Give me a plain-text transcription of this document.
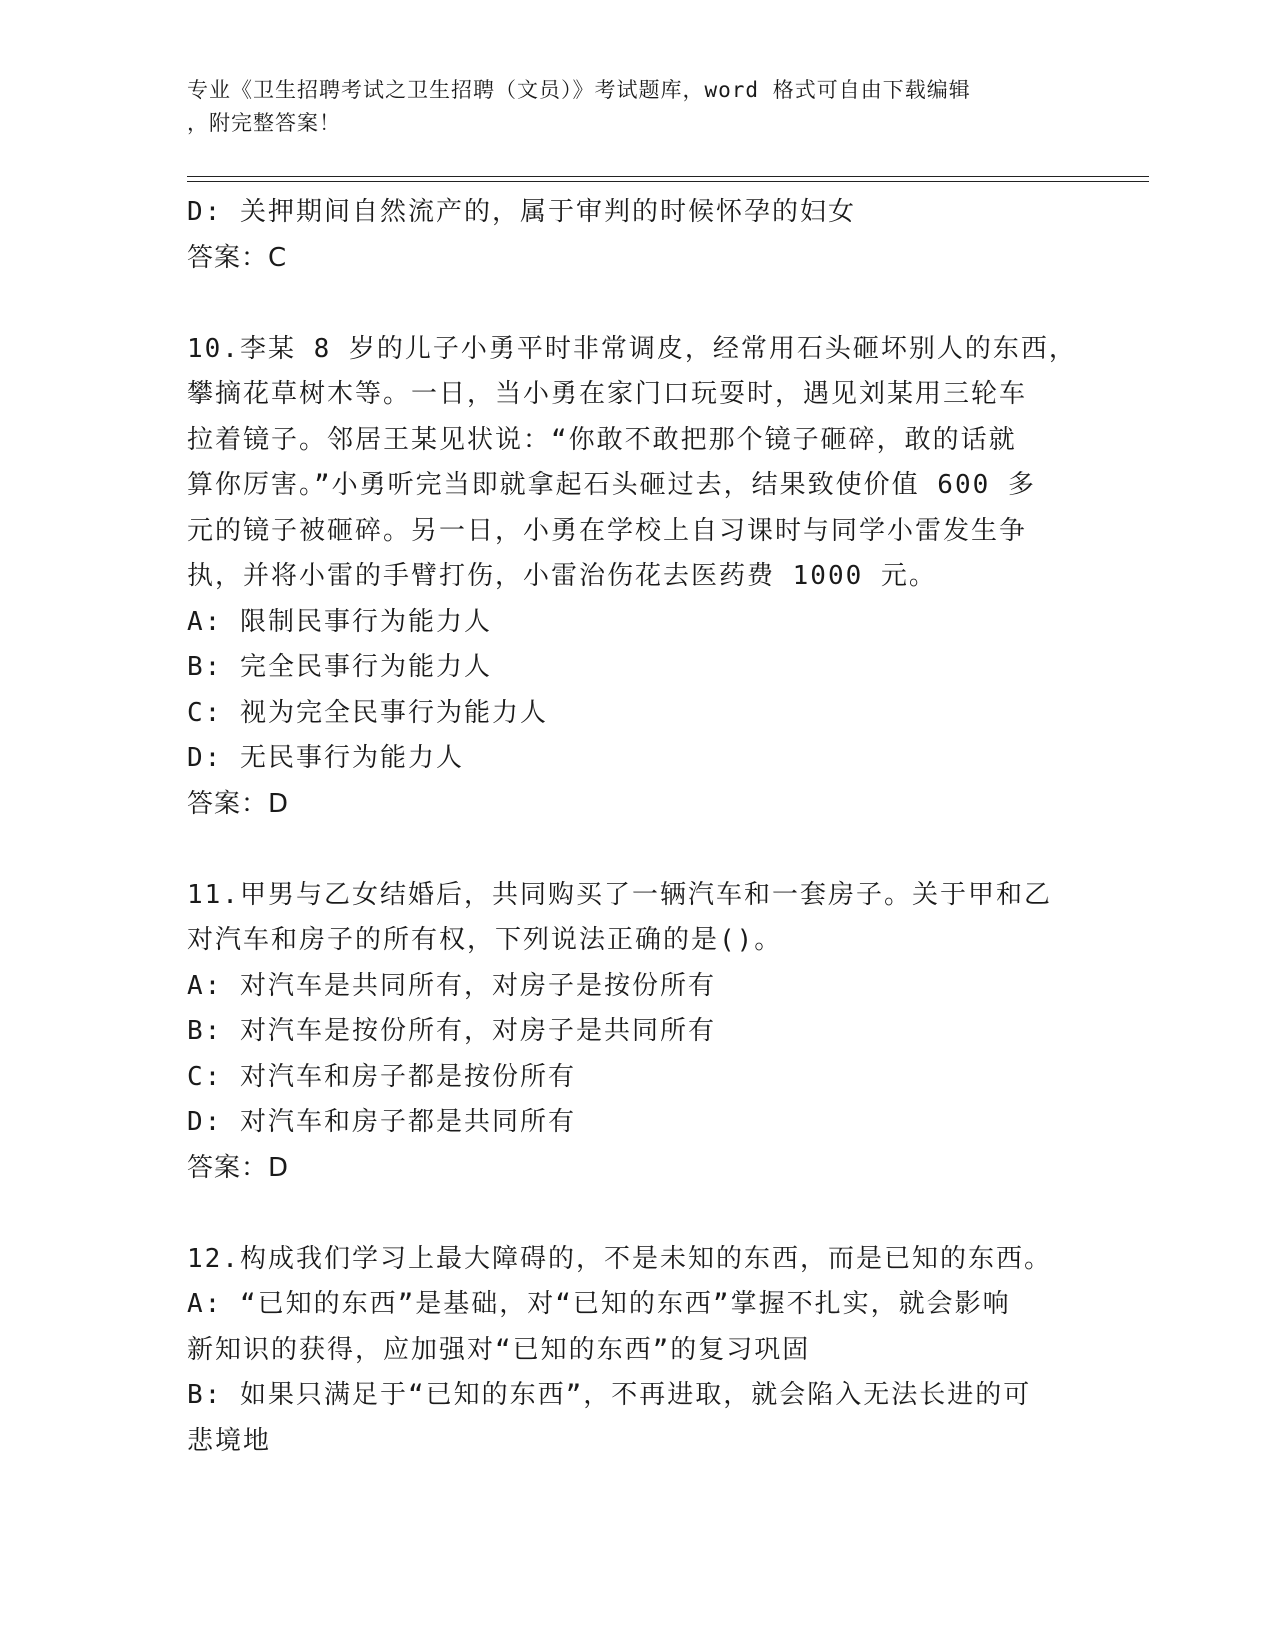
专业《卫生招聘考试之卫生招聘（文员）》考试题库，word 格式可自由下载编辑
，附完整答案！
D: 关押期间自然流产的，属于审判的时候怀孕的妇女
答案：C
10.李某 8 岁的儿子小勇平时非常调皮，经常用石头砸坏别人的东西，
攀摘花草树木等。一日，当小勇在家门口玩耍时，遇见刘某用三轮车
拉着镜子。邻居王某见状说：“你敢不敢把那个镜子砸碎，敢的话就
算你厉害。”小勇听完当即就拿起石头砸过去，结果致使价值 600 多
元的镜子被砸碎。另一日，小勇在学校上自习课时与同学小雷发生争
执，并将小雷的手臂打伤，小雷治伤花去医药费 1000 元。
A: 限制民事行为能力人
B: 完全民事行为能力人
C: 视为完全民事行为能力人
D: 无民事行为能力人
答案：D
11.甲男与乙女结婚后，共同购买了一辆汽车和一套房子。关于甲和乙
对汽车和房子的所有权，下列说法正确的是()。
A: 对汽车是共同所有，对房子是按份所有
B: 对汽车是按份所有，对房子是共同所有
C: 对汽车和房子都是按份所有
D: 对汽车和房子都是共同所有
答案：D
12.构成我们学习上最大障碍的，不是未知的东西，而是已知的东西。
A: “已知的东西”是基础，对“已知的东西”掌握不扎实，就会影响
新知识的获得，应加强对“已知的东西”的复习巩固
B: 如果只满足于“已知的东西”，不再进取，就会陷入无法长进的可
悲境地
